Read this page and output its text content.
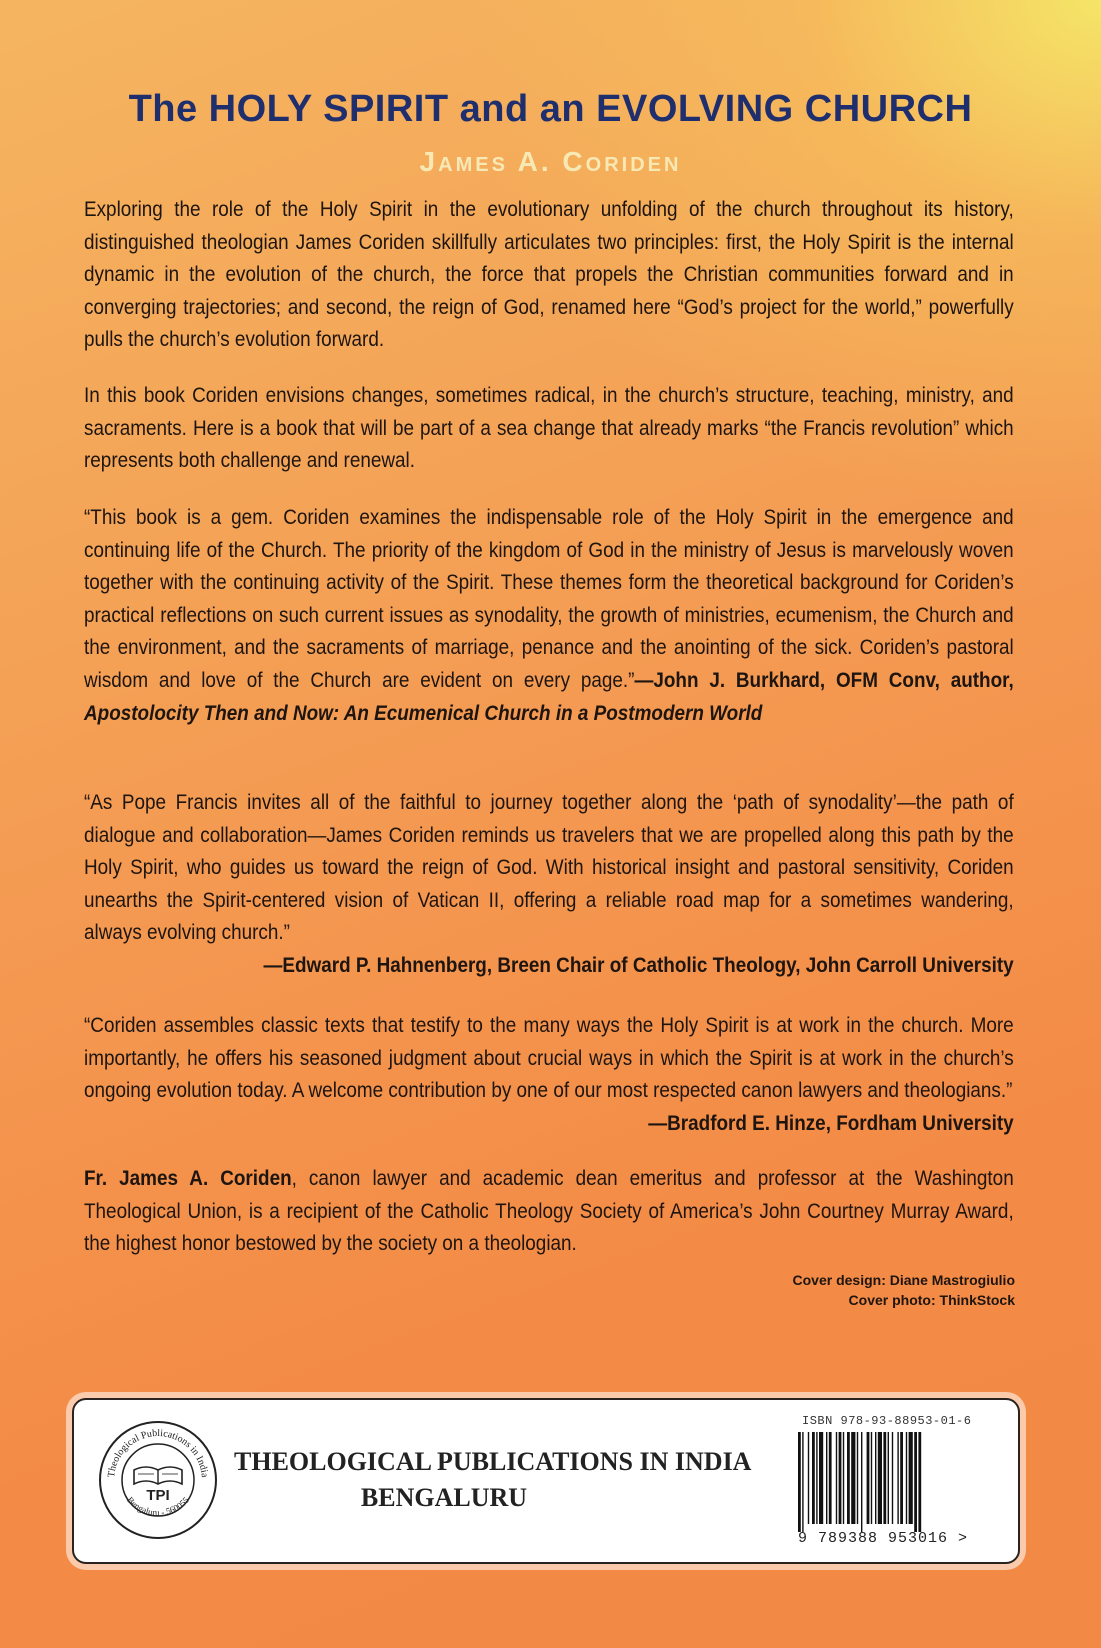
The HOLY SPIRIT and an EVOLVING CHURCH
James A. Coriden

Exploring the role of the Holy Spirit in the evolutionary unfolding of the church throughout its history, distinguished theologian James Coriden skillfully articulates two principles: first, the Holy Spirit is the internal dynamic in the evolution of the church, the force that propels the Christian communities forward and in converging trajectories; and second, the reign of God, renamed here “God’s project for the world,” powerfully pulls the church’s evolution forward.

In this book Coriden envisions changes, sometimes radical, in the church’s structure, teaching, ministry, and sacraments. Here is a book that will be part of a sea change that already marks “the Francis revolution” which represents both challenge and renewal.

“This book is a gem. Coriden examines the indispensable role of the Holy Spirit in the emergence and continuing life of the Church. The priority of the kingdom of God in the ministry of Jesus is marvelously woven together with the continuing activity of the Spirit. These themes form the theoretical background for Coriden’s practical reflections on such current issues as synodality, the growth of ministries, ecumenism, the Church and the environment, and the sacraments of marriage, penance and the anointing of the sick. Coriden’s pastoral wisdom and love of the Church are evident on every page.”—John J. Burkhard, OFM Conv, author, Apostolocity Then and Now: An Ecumenical Church in a Postmodern World

“As Pope Francis invites all of the faithful to journey together along the ‘path of synodality’—the path of dialogue and collaboration—James Coriden reminds us travelers that we are propelled along this path by the Holy Spirit, who guides us toward the reign of God. With historical insight and pastoral sensitivity, Coriden unearths the Spirit-centered vision of Vatican II, offering a reliable road map for a sometimes wandering, always evolving church.”

—Edward P. Hahnenberg, Breen Chair of Catholic Theology, John Carroll University

“Coriden assembles classic texts that testify to the many ways the Holy Spirit is at work in the church. More importantly, he offers his seasoned judgment about crucial ways in which the Spirit is at work in the church’s ongoing evolution today. A welcome contribution by one of our most respected canon lawyers and theologians.”
—Bradford E. Hinze, Fordham University

Fr. James A. Coriden, canon lawyer and academic dean emeritus and professor at the Washington Theological Union, is a recipient of the Catholic Theology Society of America’s John Courtney Murray Award, the highest honor bestowed by the society on a theologian.

Cover design: Diane Mastrogiulio
Cover photo: ThinkStock
Theological Publications in India
Bengaluru - 560055
TPI
THEOLOGICAL PUBLICATIONS IN INDIA
BENGALURU
ISBN 978-93-88953-01-6
9 789388 953016 >
